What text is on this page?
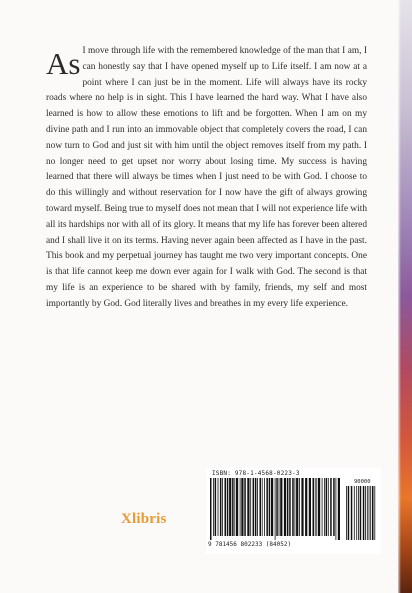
As I move through life with the remembered knowledge of the man that I am, I can honestly say that I have opened myself up to Life itself. I am now at a point where I can just be in the moment. Life will always have its rocky roads where no help is in sight. This I have learned the hard way. What I have also learned is how to allow these emotions to lift and be forgotten. When I am on my divine path and I run into an immovable object that completely covers the road, I can now turn to God and just sit with him until the object removes itself from my path. I no longer need to get upset nor worry about losing time. My success is having learned that there will always be times when I just need to be with God. I choose to do this willingly and without reservation for I now have the gift of always growing toward myself. Being true to myself does not mean that I will not experience life with all its hardships nor with all of its glory. It means that my life has forever been altered and I shall live it on its terms. Having never again been affected as I have in the past. This book and my perpetual journey has taught me two very important concepts. One is that life cannot keep me down ever again for I walk with God. The second is that my life is an experience to be shared with by family, friends, my self and most importantly by God. God literally lives and breathes in my every life experience.

ISBN: 978-1-4568-0223-3
90000
9 781456 802233 (84052)
Xlibris
